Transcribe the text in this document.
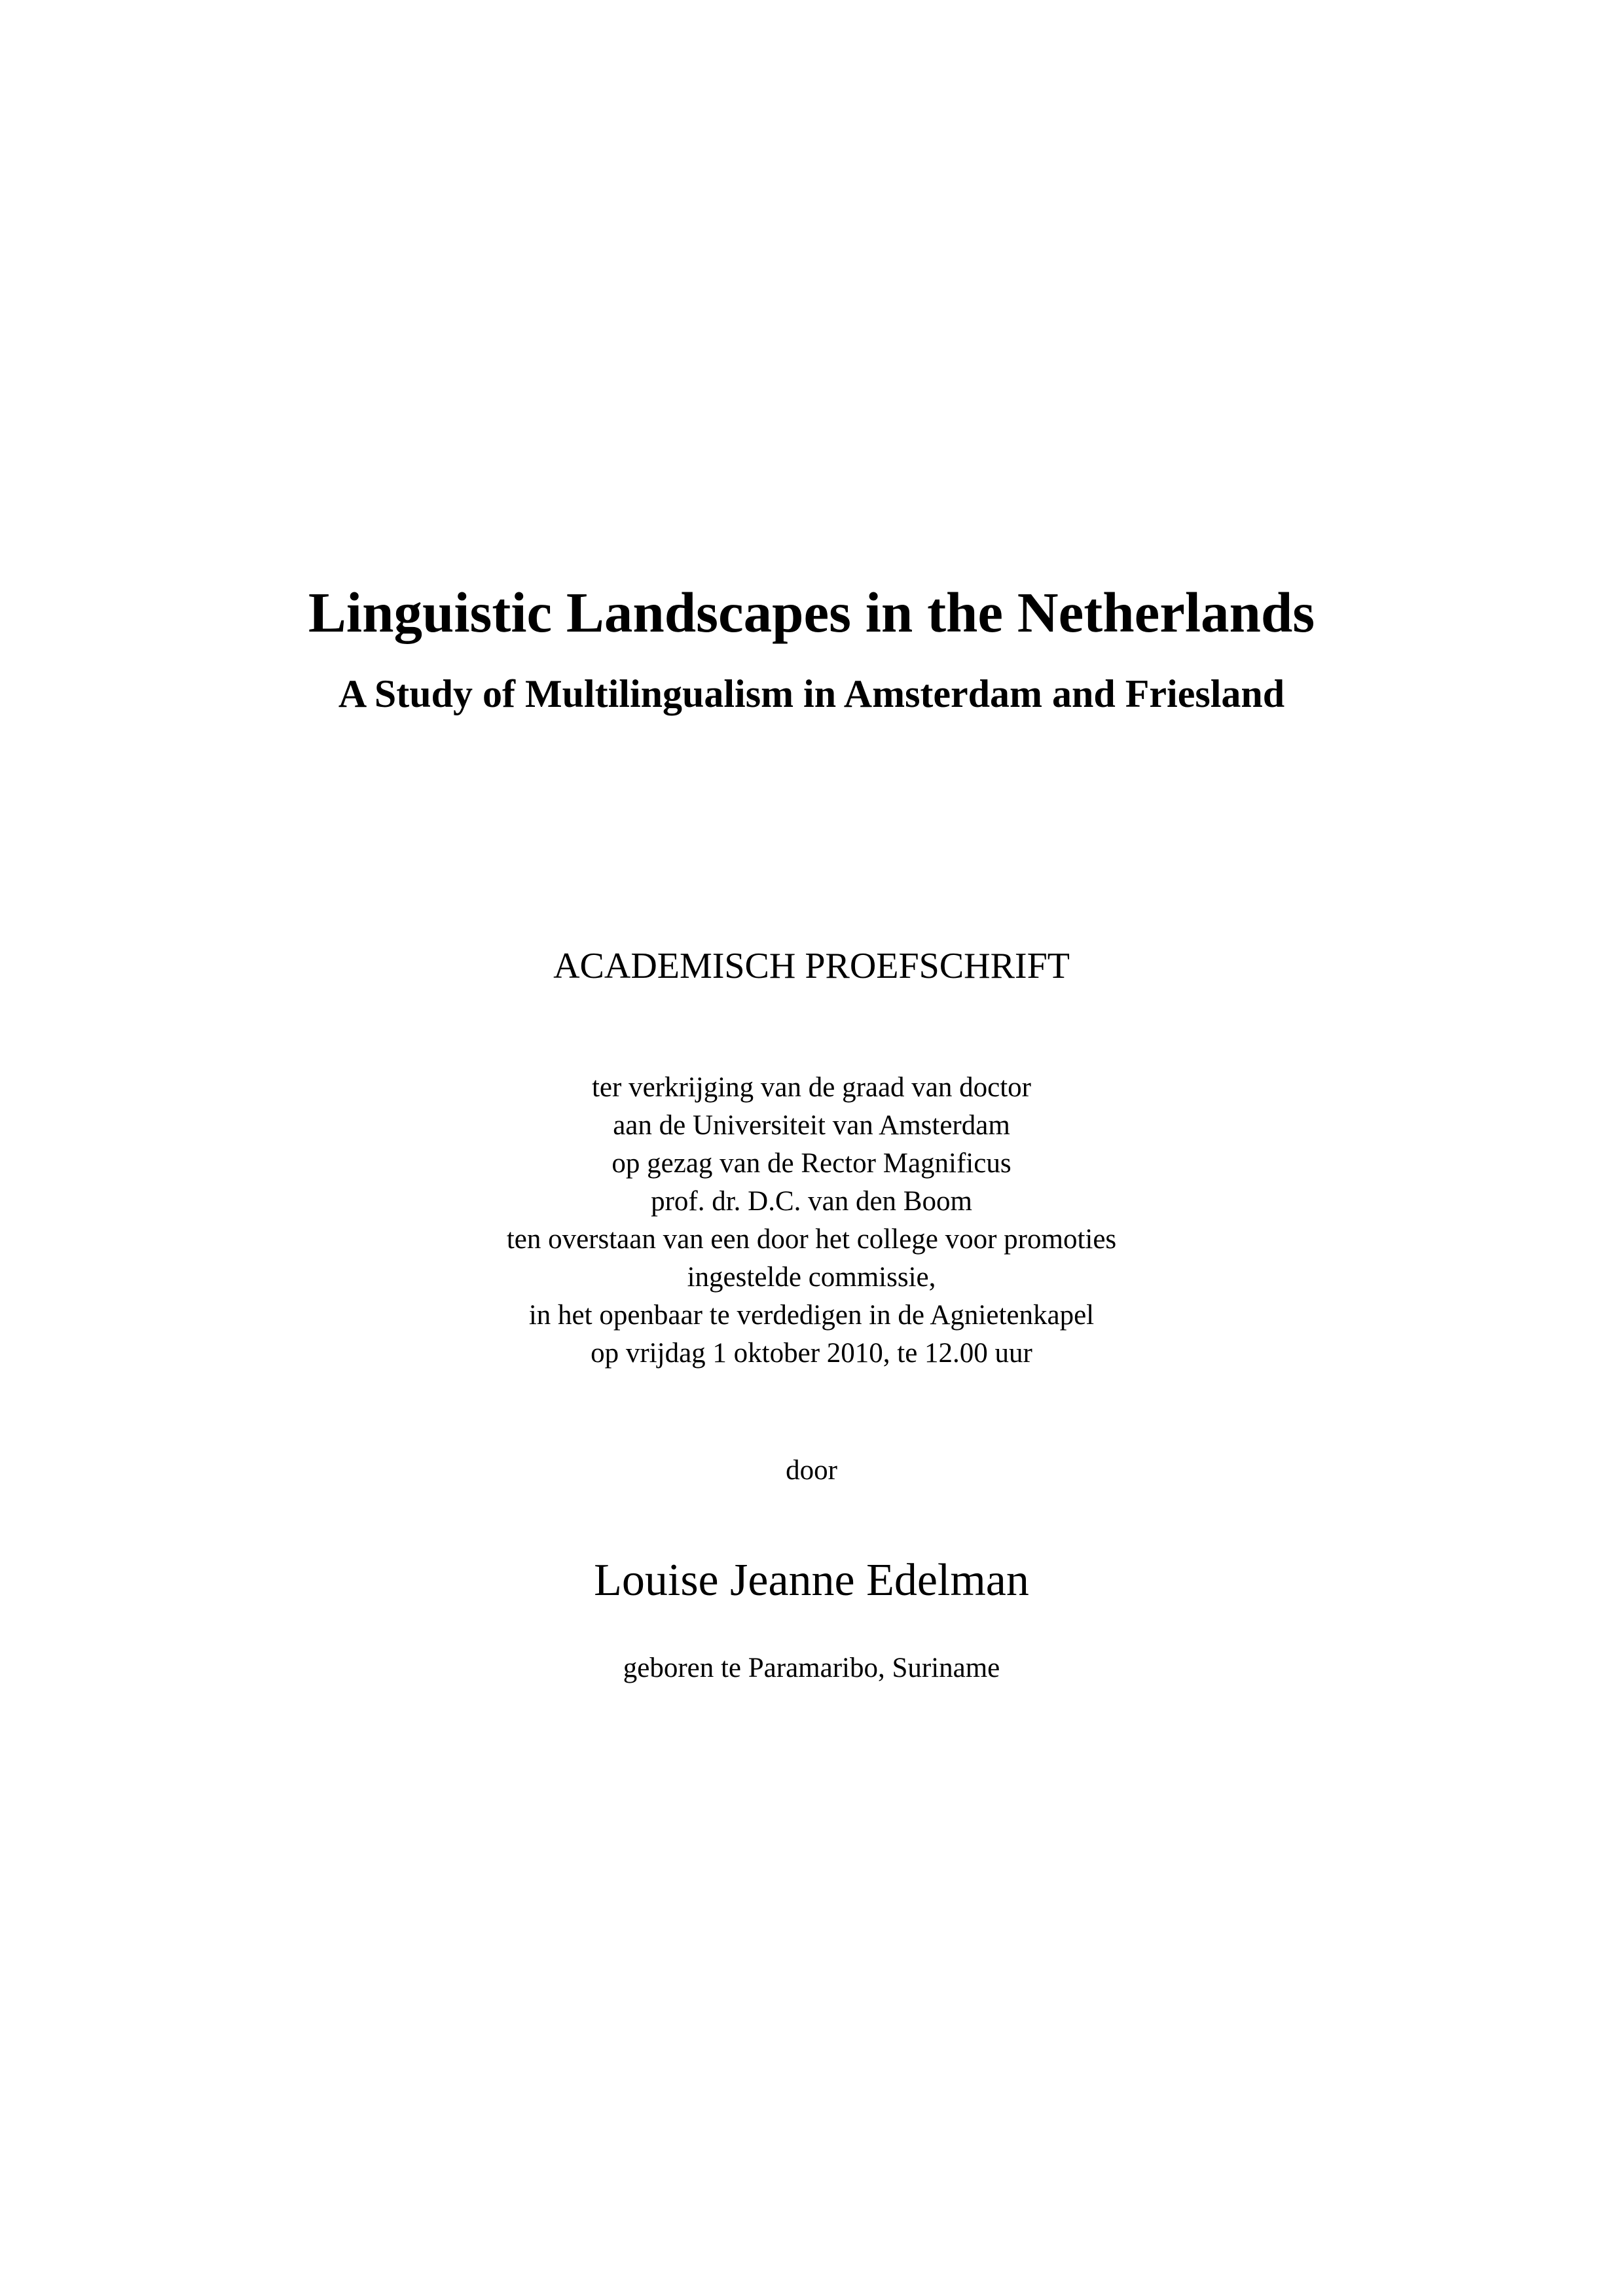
Linguistic Landscapes in the Netherlands
A Study of Multilingualism in Amsterdam and Friesland
ACADEMISCH PROEFSCHRIFT
ter verkrijging van de graad van doctor
aan de Universiteit van Amsterdam
op gezag van de Rector Magnificus
prof. dr. D.C. van den Boom
ten overstaan van een door het college voor promoties
ingestelde commissie,
in het openbaar te verdedigen in de Agnietenkapel
op vrijdag 1 oktober 2010, te 12.00 uur
door
Louise Jeanne Edelman
geboren te Paramaribo, Suriname
